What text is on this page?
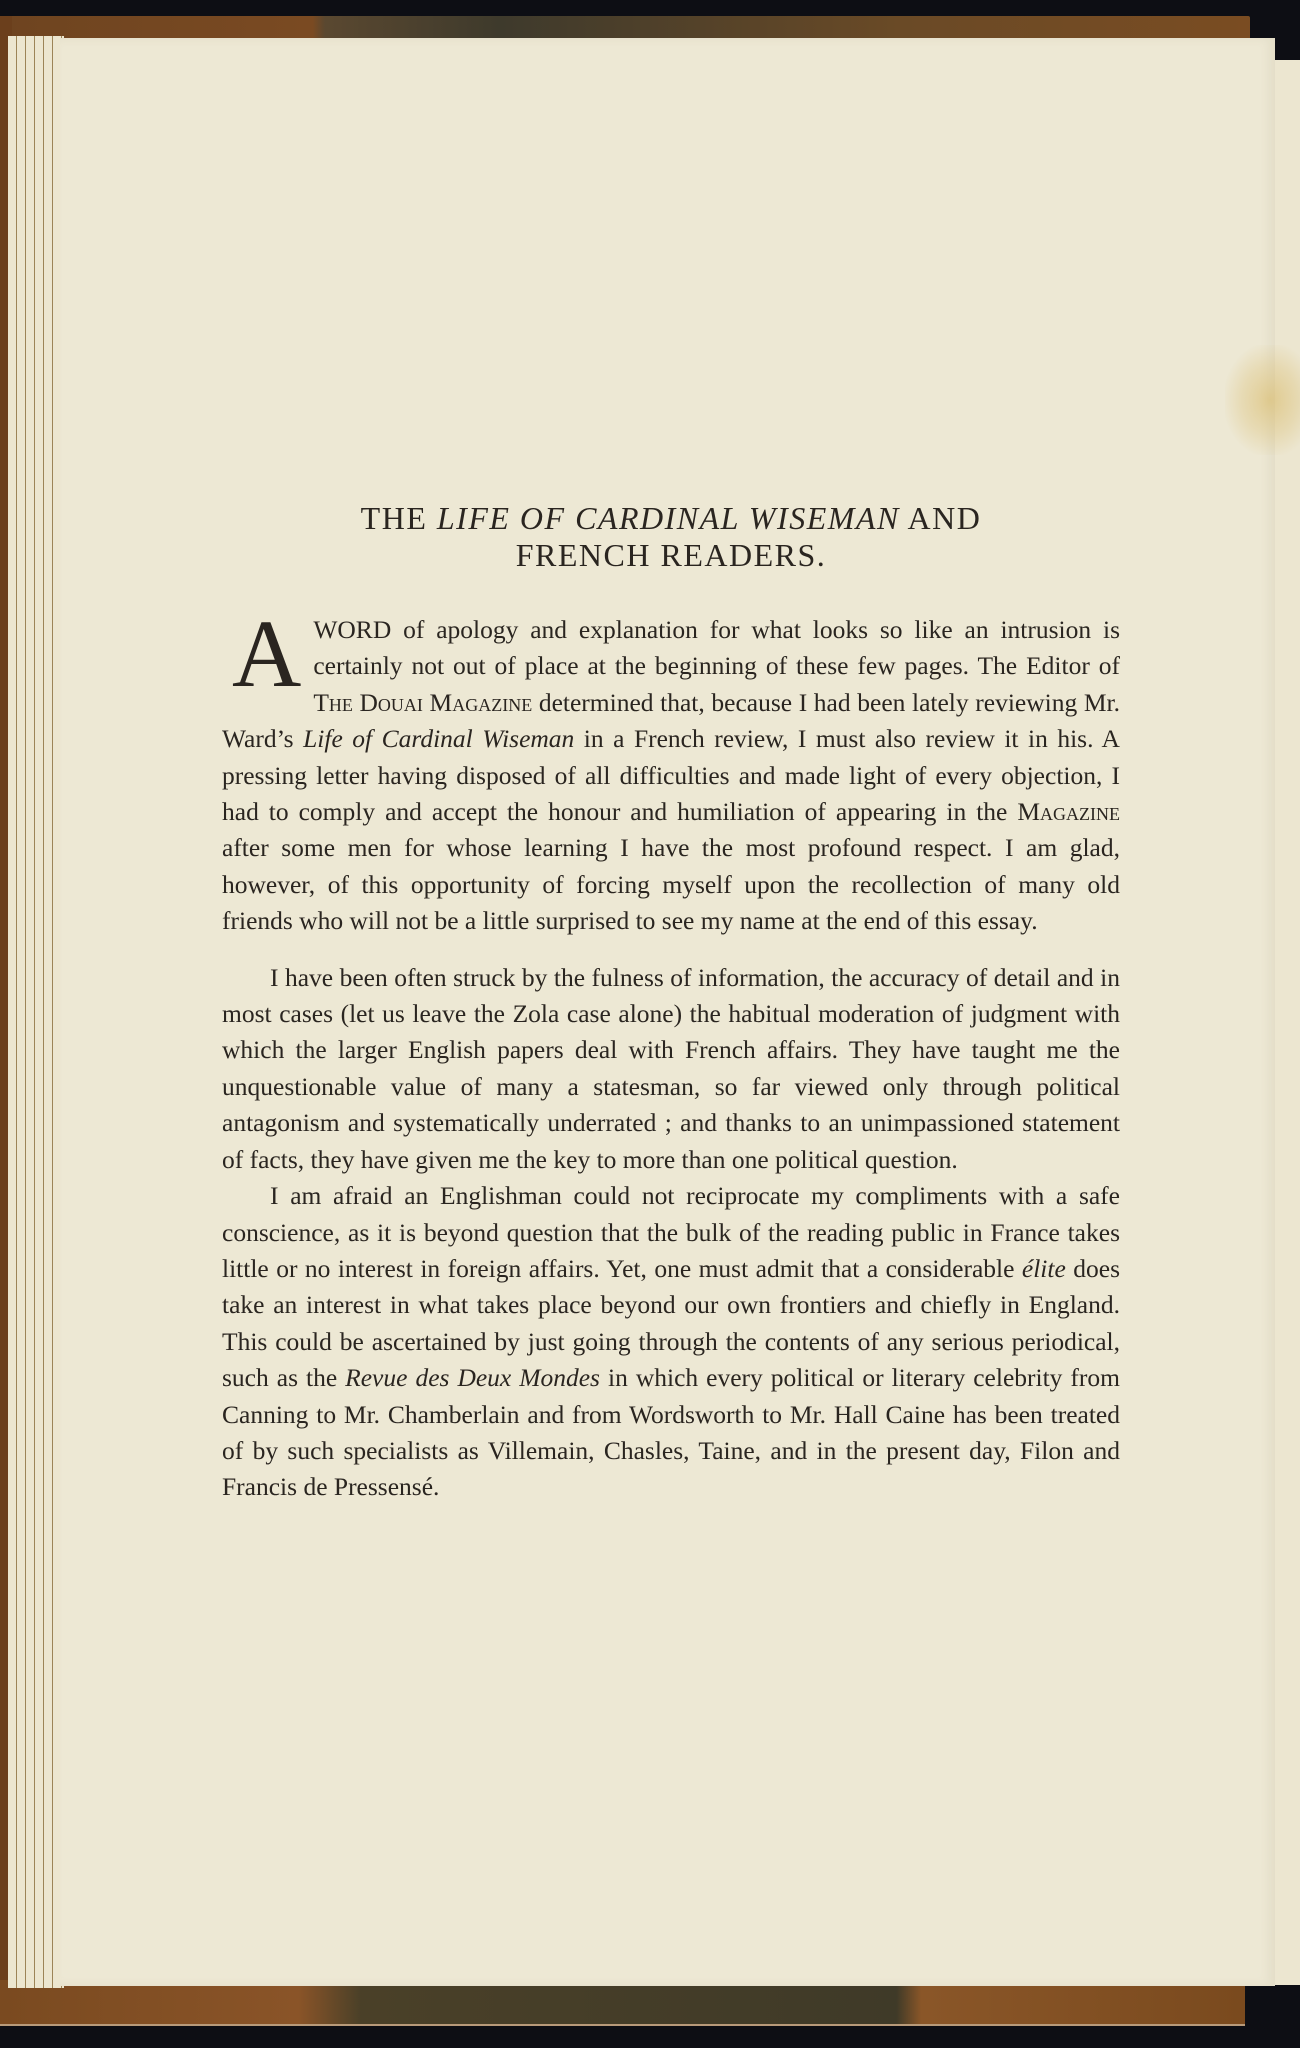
THE LIFE OF CARDINAL WISEMAN AND
FRENCH READERS.

A WORD of apology and explanation for what looks so like an intrusion is certainly not out of place at the beginning of these few pages. The Editor of The Douai Magazine determined that, because I had been lately reviewing Mr. Ward’s Life of Cardinal Wiseman in a French review, I must also review it in his. A pressing letter having disposed of all difficulties and made light of every objection, I had to comply and accept the honour and humiliation of appearing in the Magazine after some men for whose learning I have the most profound respect. I am glad, however, of this opportunity of forcing myself upon the recollection of many old friends who will not be a little surprised to see my name at the end of this essay.

I have been often struck by the fulness of information, the accuracy of detail and in most cases (let us leave the Zola case alone) the habitual moderation of judgment with which the larger English papers deal with French affairs. They have taught me the unquestionable value of many a statesman, so far viewed only through political antagonism and systematically underrated ; and thanks to an unimpassioned statement of facts, they have given me the key to more than one political question.

I am afraid an Englishman could not reciprocate my compliments with a safe conscience, as it is beyond question that the bulk of the reading public in France takes little or no interest in foreign affairs. Yet, one must admit that a considerable élite does take an interest in what takes place beyond our own frontiers and chiefly in England. This could be ascertained by just going through the contents of any serious periodical, such as the Revue des Deux Mondes in which every political or literary celebrity from Canning to Mr. Chamberlain and from Wordsworth to Mr. Hall Caine has been treated of by such specialists as Villemain, Chasles, Taine, and in the present day, Filon and Francis de Pressensé.
